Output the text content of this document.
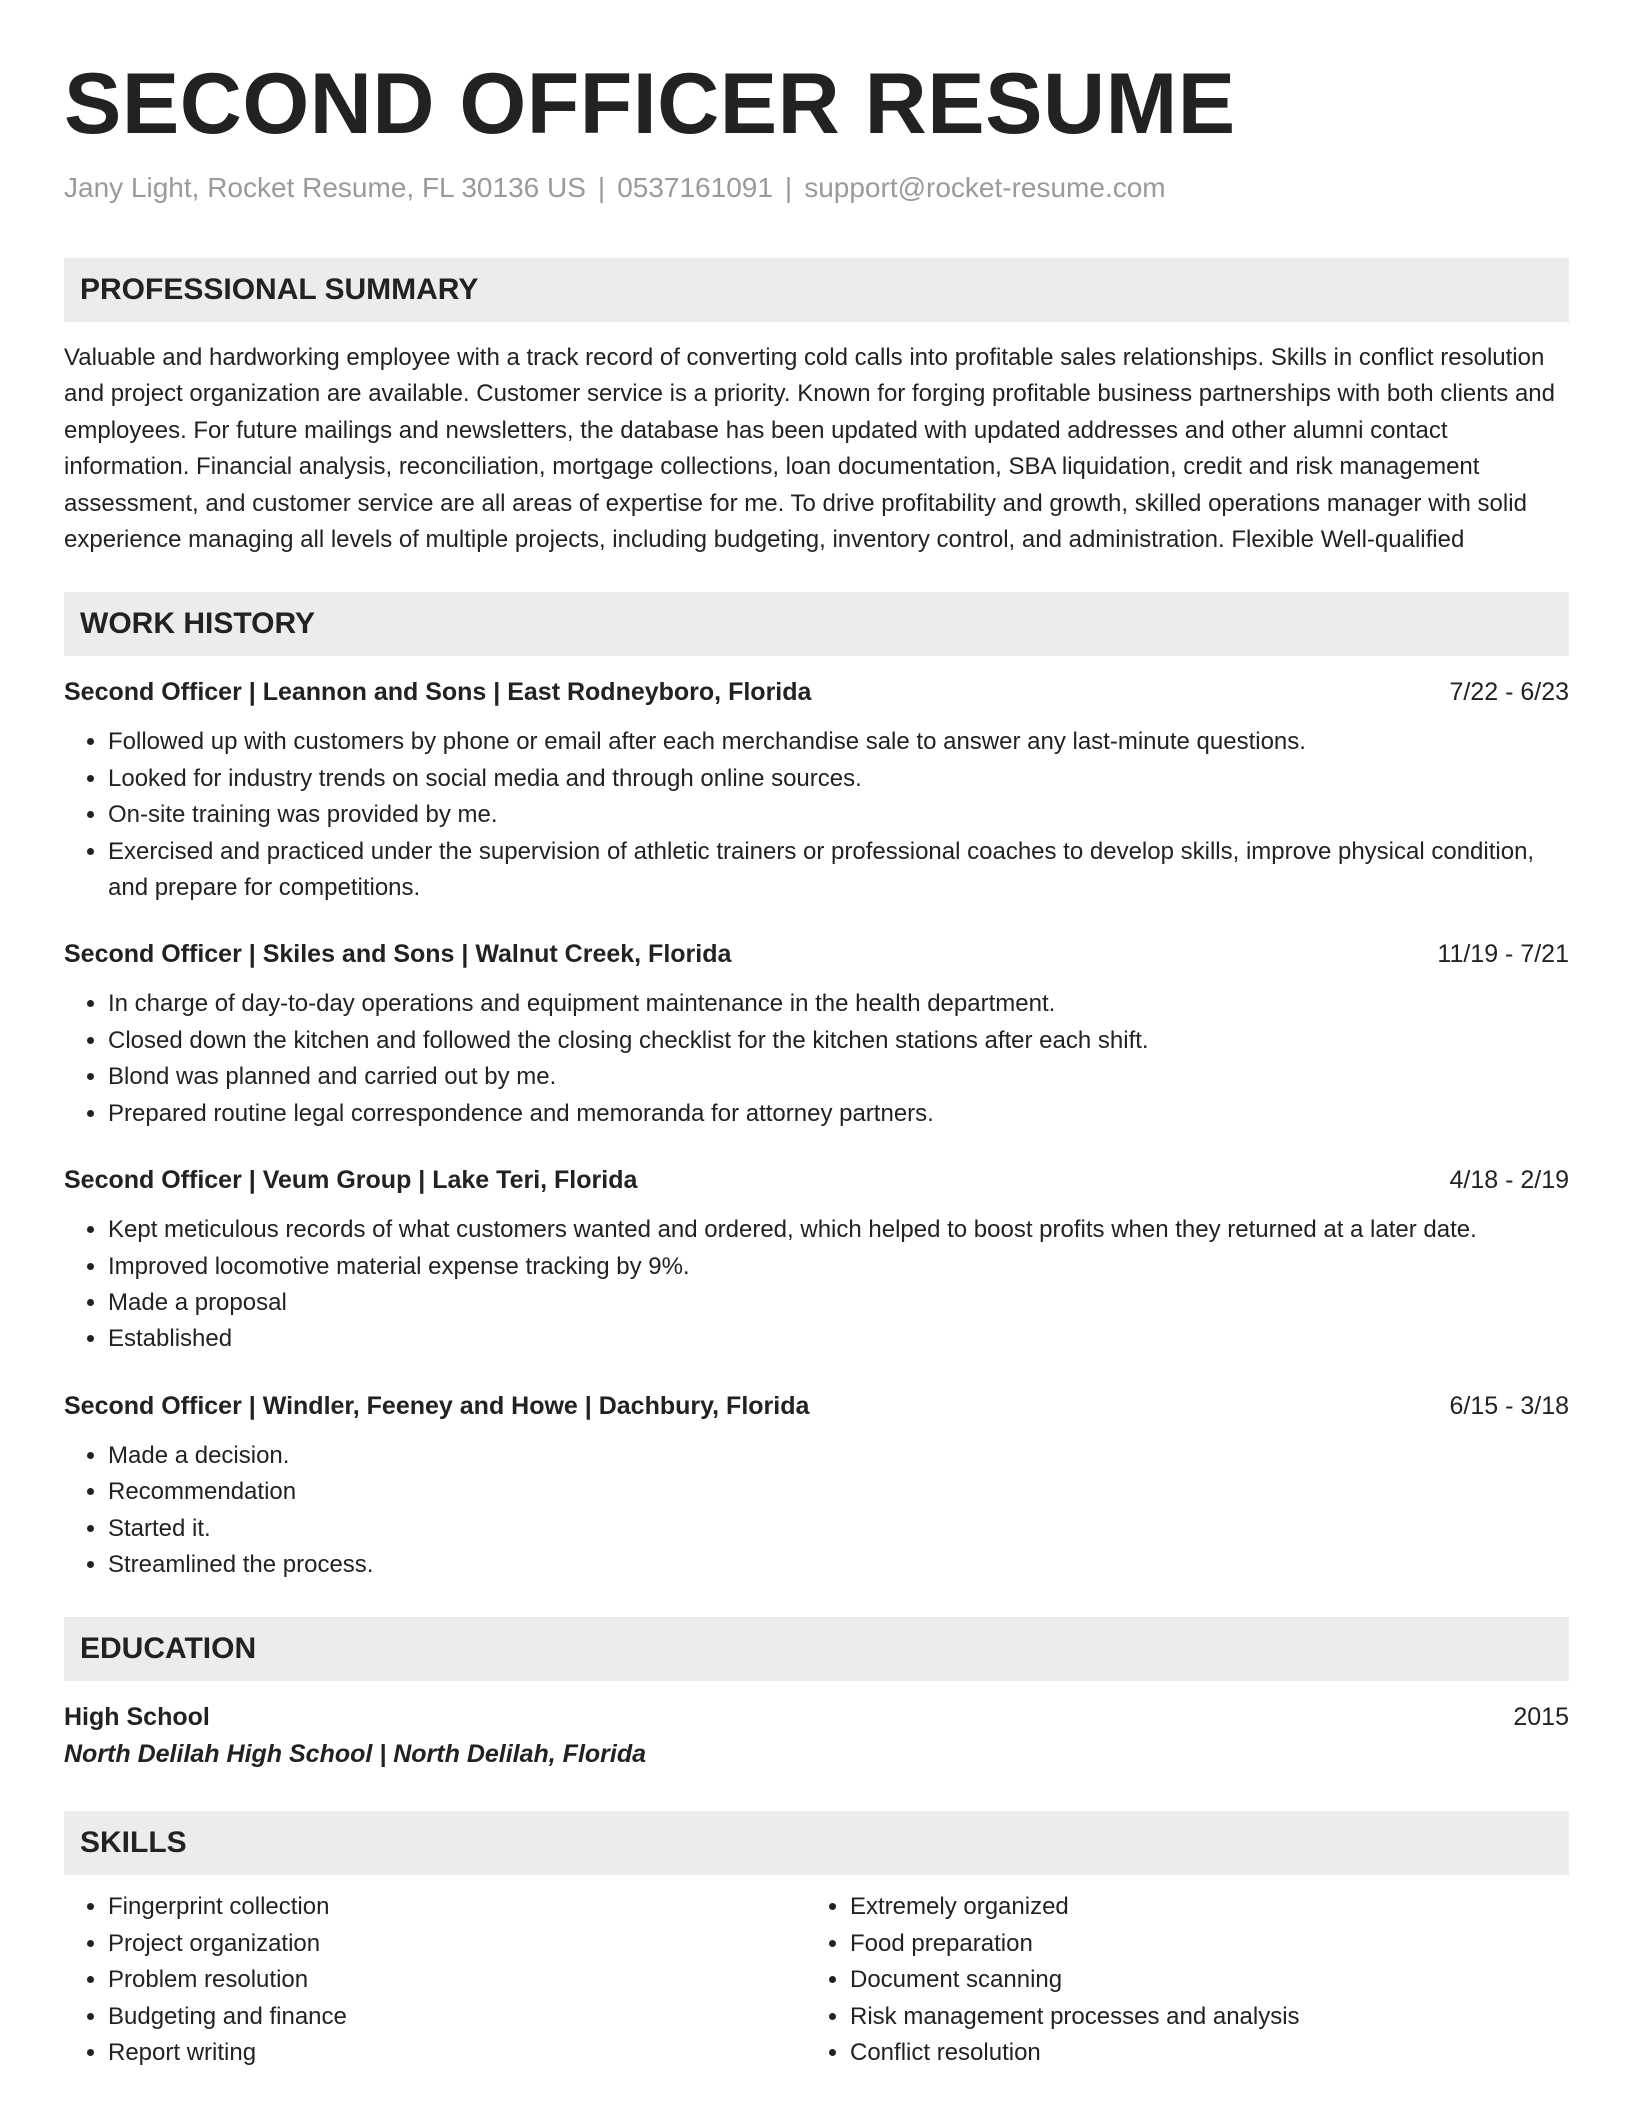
SECOND OFFICER RESUME
Jany Light, Rocket Resume, FL 30136 US | 0537161091 | support@rocket-resume.com
PROFESSIONAL SUMMARY
Valuable and hardworking employee with a track record of converting cold calls into profitable sales relationships. Skills in conflict resolution and project organization are available. Customer service is a priority. Known for forging profitable business partnerships with both clients and employees. For future mailings and newsletters, the database has been updated with updated addresses and other alumni contact information. Financial analysis, reconciliation, mortgage collections, loan documentation, SBA liquidation, credit and risk management assessment, and customer service are all areas of expertise for me. To drive profitability and growth, skilled operations manager with solid experience managing all levels of multiple projects, including budgeting, inventory control, and administration. Flexible Well-qualified
WORK HISTORY
Second Officer | Leannon and Sons | East Rodneyboro, Florida	7/22 - 6/23
• Followed up with customers by phone or email after each merchandise sale to answer any last-minute questions.
• Looked for industry trends on social media and through online sources.
• On-site training was provided by me.
• Exercised and practiced under the supervision of athletic trainers or professional coaches to develop skills, improve physical condition, and prepare for competitions.
Second Officer | Skiles and Sons | Walnut Creek, Florida	11/19 - 7/21
• In charge of day-to-day operations and equipment maintenance in the health department.
• Closed down the kitchen and followed the closing checklist for the kitchen stations after each shift.
• Blond was planned and carried out by me.
• Prepared routine legal correspondence and memoranda for attorney partners.
Second Officer | Veum Group | Lake Teri, Florida	4/18 - 2/19
• Kept meticulous records of what customers wanted and ordered, which helped to boost profits when they returned at a later date.
• Improved locomotive material expense tracking by 9%.
• Made a proposal
• Established
Second Officer | Windler, Feeney and Howe | Dachbury, Florida	6/15 - 3/18
• Made a decision.
• Recommendation
• Started it.
• Streamlined the process.
EDUCATION
High School	2015
North Delilah High School | North Delilah, Florida
SKILLS
• Fingerprint collection
• Project organization
• Problem resolution
• Budgeting and finance
• Report writing
• Extremely organized
• Food preparation
• Document scanning
• Risk management processes and analysis
• Conflict resolution
